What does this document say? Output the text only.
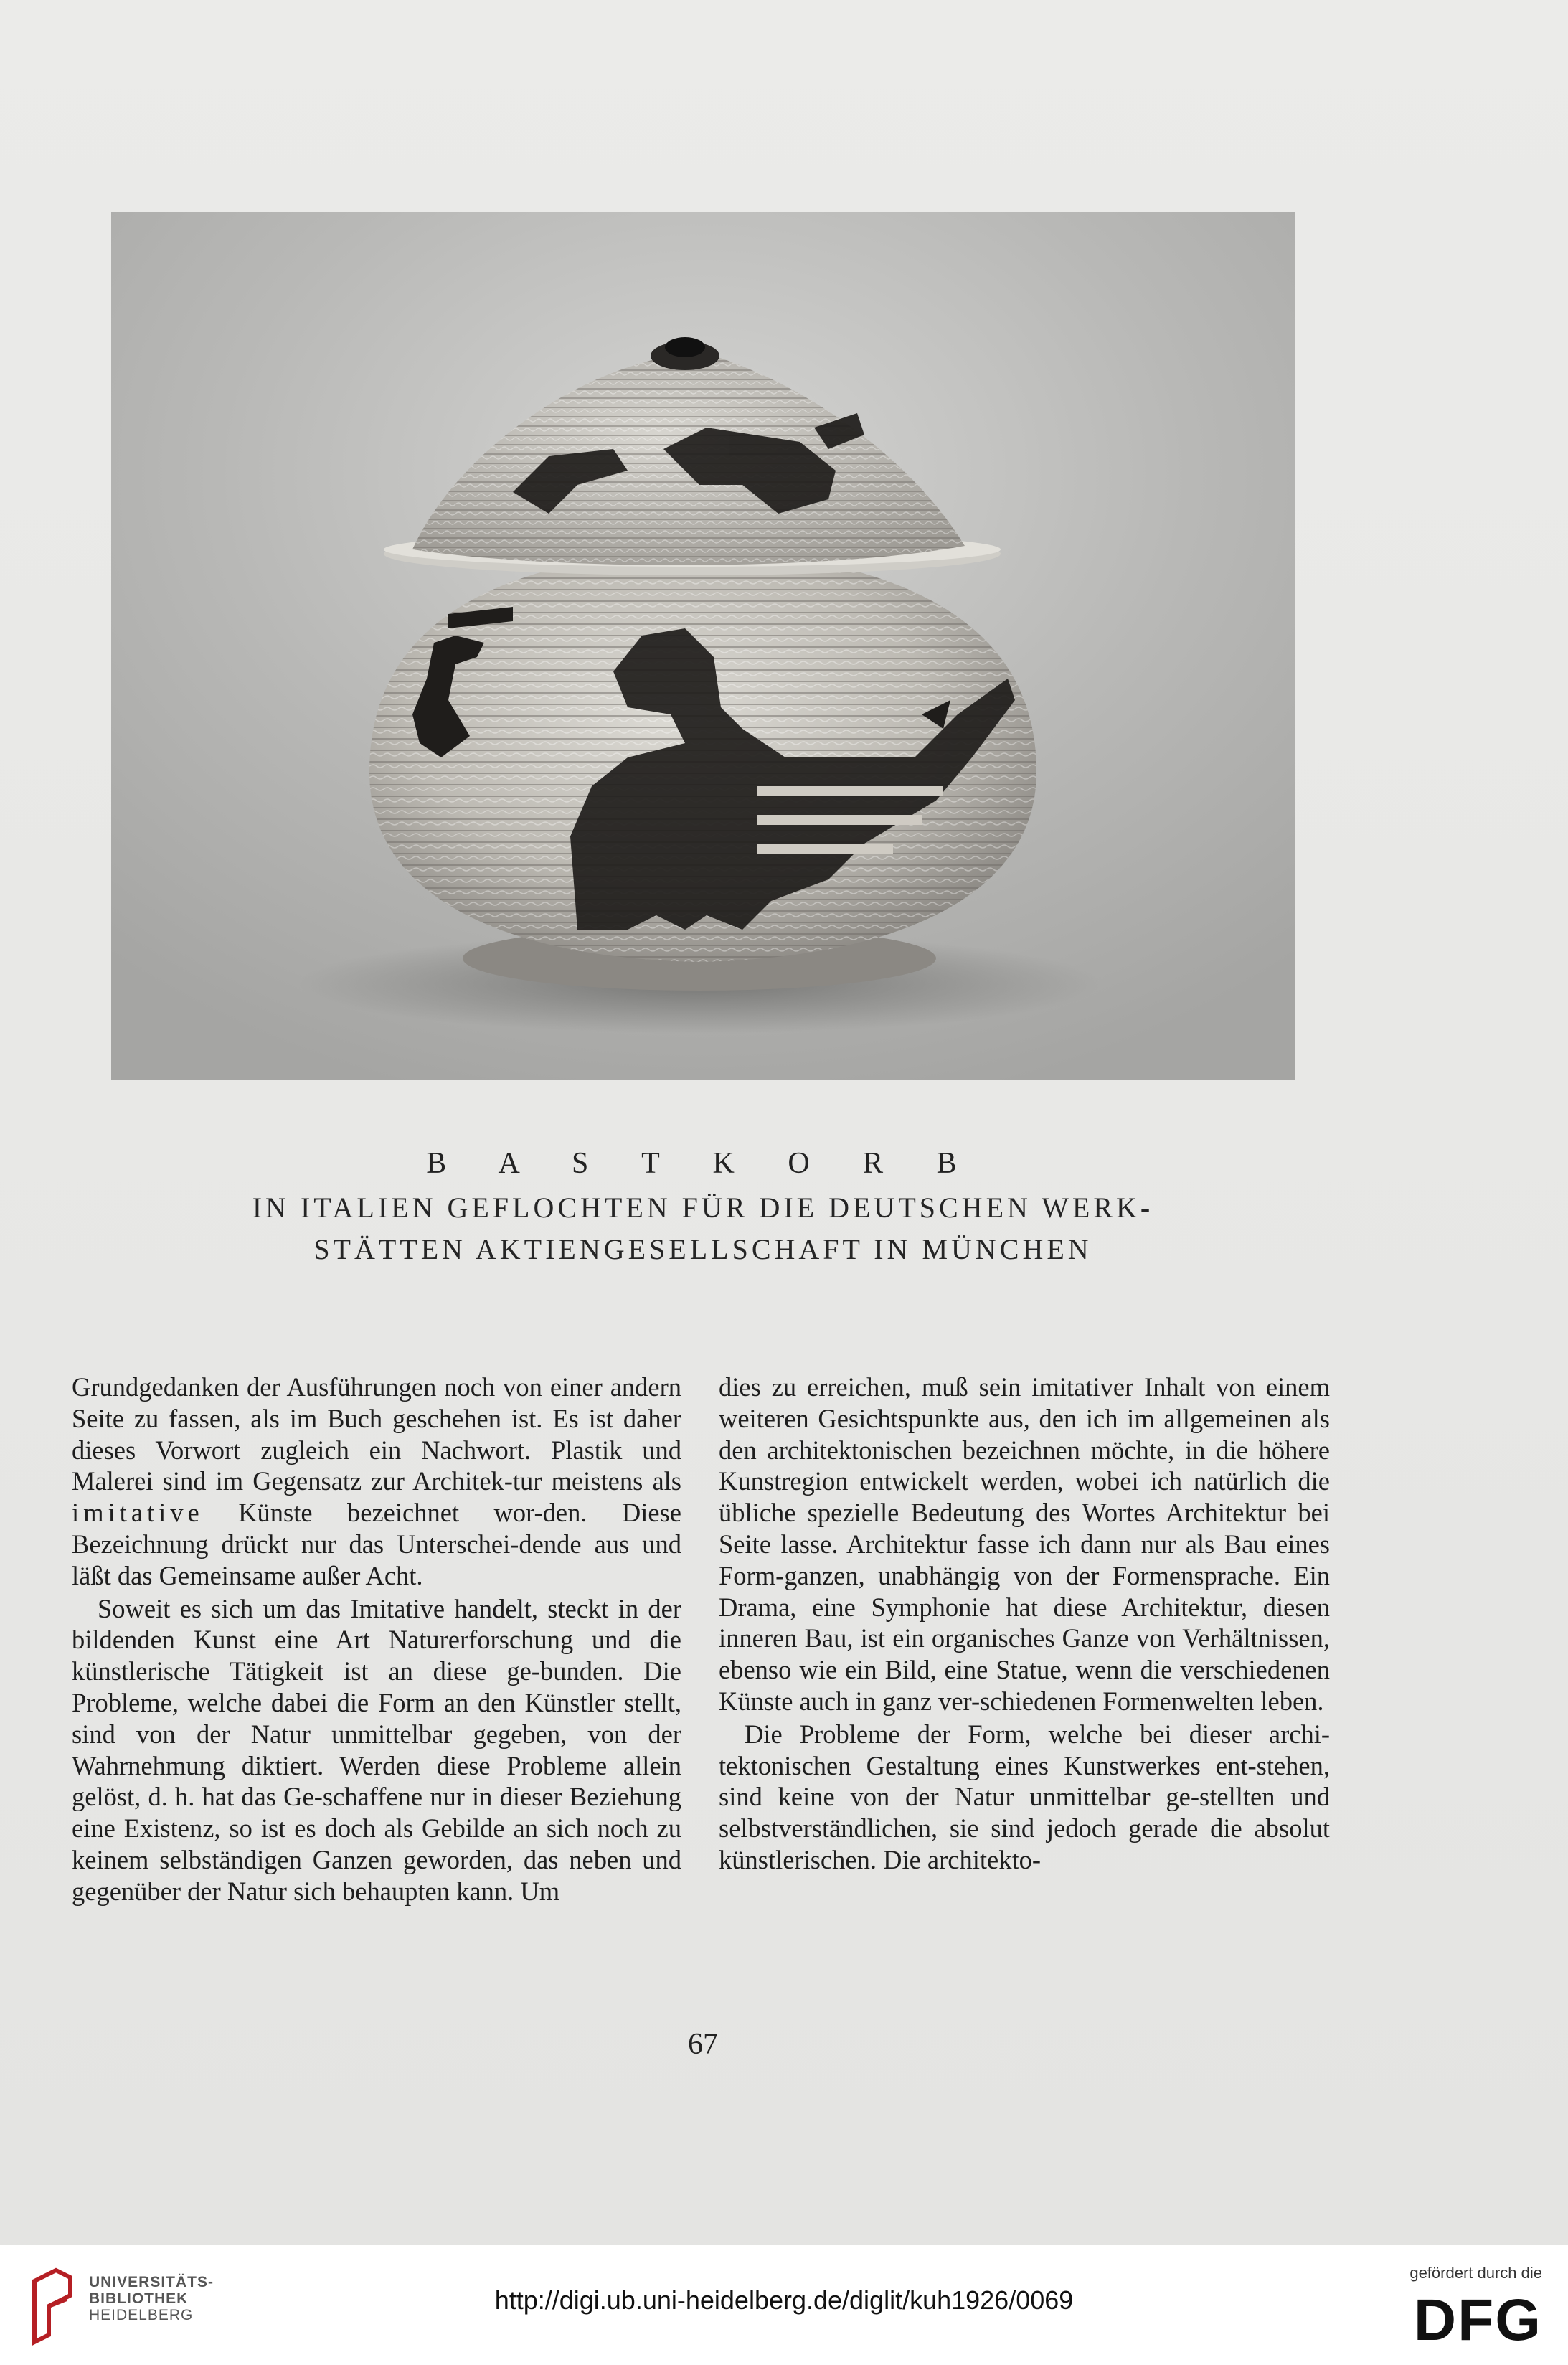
B A S T K O R B
IN ITALIEN GEFLOCHTEN FÜR DIE DEUTSCHEN WERK-
STÄTTEN AKTIENGESELLSCHAFT IN MÜNCHEN

Grundgedanken der Ausführungen noch von einer andern Seite zu fassen, als im Buch geschehen ist. Es ist daher dieses Vorwort zugleich ein Nachwort. Plastik und Malerei sind im Gegensatz zur Architek-tur meistens als imitative Künste bezeichnet wor-den. Diese Bezeichnung drückt nur das Unterschei-dende aus und läßt das Gemeinsame außer Acht.

Soweit es sich um das Imitative handelt, steckt in der bildenden Kunst eine Art Naturerforschung und die künstlerische Tätigkeit ist an diese ge-bunden. Die Probleme, welche dabei die Form an den Künstler stellt, sind von der Natur unmittelbar gegeben, von der Wahrnehmung diktiert. Werden diese Probleme allein gelöst, d. h. hat das Ge-schaffene nur in dieser Beziehung eine Existenz, so ist es doch als Gebilde an sich noch zu keinem selbständigen Ganzen geworden, das neben und gegenüber der Natur sich behaupten kann. Um

dies zu erreichen, muß sein imitativer Inhalt von einem weiteren Gesichtspunkte aus, den ich im allgemeinen als den architektonischen bezeichnen möchte, in die höhere Kunstregion entwickelt werden, wobei ich natürlich die übliche spezielle Bedeutung des Wortes Architektur bei Seite lasse. Architektur fasse ich dann nur als Bau eines Form-ganzen, unabhängig von der Formensprache. Ein Drama, eine Symphonie hat diese Architektur, diesen inneren Bau, ist ein organisches Ganze von Verhältnissen, ebenso wie ein Bild, eine Statue, wenn die verschiedenen Künste auch in ganz ver-schiedenen Formenwelten leben.

Die Probleme der Form, welche bei dieser archi-tektonischen Gestaltung eines Kunstwerkes ent-stehen, sind keine von der Natur unmittelbar ge-stellten und selbstverständlichen, sie sind jedoch gerade die absolut künstlerischen. Die architekto-

67
UNIVERSITÄTS-
BIBLIOTHEK
HEIDELBERG
http://digi.ub.uni-heidelberg.de/diglit/kuh1926/0069
gefördert durch die
DFG
